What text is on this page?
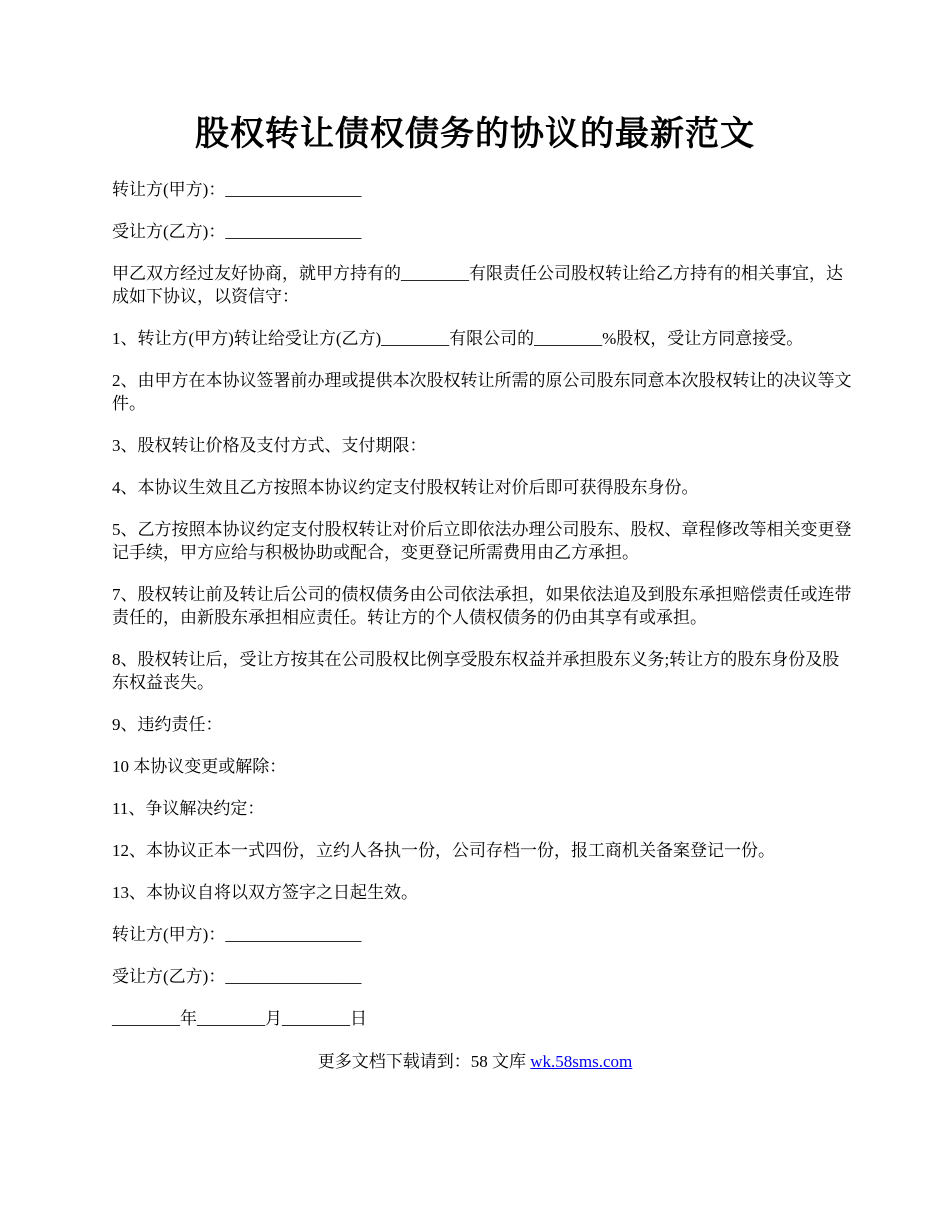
股权转让债权债务的协议的最新范文

转让方(甲方)：________________

受让方(乙方)：________________

甲乙双方经过友好协商，就甲方持有的________有限责任公司股权转让给乙方持有的相关事宜，达成如下协议，以资信守：

1、转让方(甲方)转让给受让方(乙方)________有限公司的________%股权，受让方同意接受。

2、由甲方在本协议签署前办理或提供本次股权转让所需的原公司股东同意本次股权转让的决议等文件。

3、股权转让价格及支付方式、支付期限：

4、本协议生效且乙方按照本协议约定支付股权转让对价后即可获得股东身份。

5、乙方按照本协议约定支付股权转让对价后立即依法办理公司股东、股权、章程修改等相关变更登记手续，甲方应给与积极协助或配合，变更登记所需费用由乙方承担。

7、股权转让前及转让后公司的债权债务由公司依法承担，如果依法追及到股东承担赔偿责任或连带责任的，由新股东承担相应责任。转让方的个人债权债务的仍由其享有或承担。

8、股权转让后，受让方按其在公司股权比例享受股东权益并承担股东义务;转让方的股东身份及股东权益丧失。

9、违约责任：

10 本协议变更或解除：

11、争议解决约定：

12、本协议正本一式四份，立约人各执一份，公司存档一份，报工商机关备案登记一份。

13、本协议自将以双方签字之日起生效。

转让方(甲方)：________________

受让方(乙方)：________________

________年________月________日

更多文档下载请到：58 文库 wk.58sms.com
